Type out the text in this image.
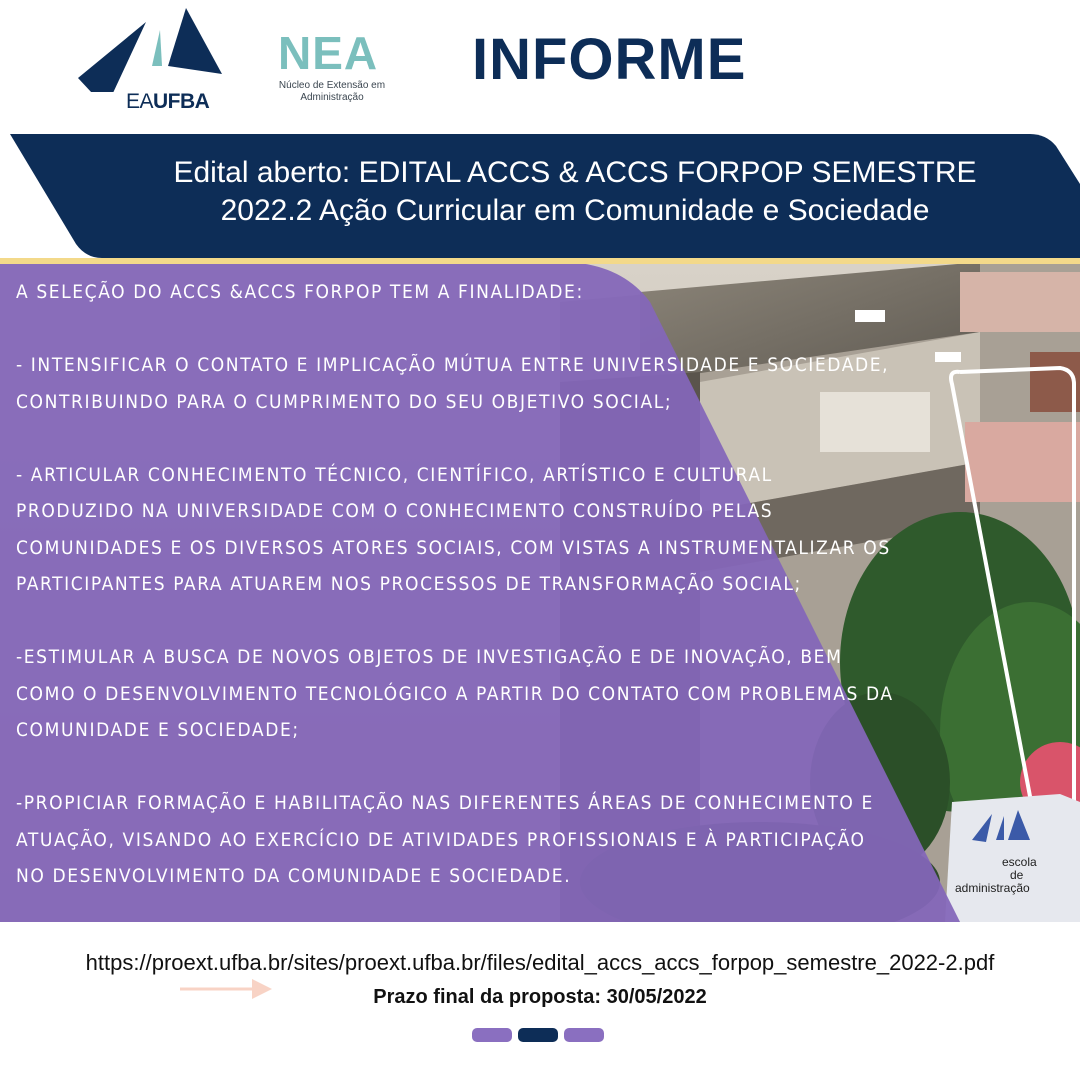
EAUFBA
NEA
Núcleo de Extensão em
Administração
INFORME
escola
de
administração
Edital aberto: EDITAL ACCS & ACCS FORPOP SEMESTRE
2022.2 Ação Curricular em Comunidade e Sociedade

A SELEÇÃO DO ACCS &ACCS FORPOP TEM A FINALIDADE:

- INTENSIFICAR O CONTATO E IMPLICAÇÃO MÚTUA ENTRE UNIVERSIDADE E SOCIEDADE, CONTRIBUINDO PARA O CUMPRIMENTO DO SEU OBJETIVO SOCIAL;

- ARTICULAR CONHECIMENTO TÉCNICO, CIENTÍFICO, ARTÍSTICO E CULTURAL PRODUZIDO NA UNIVERSIDADE COM O CONHECIMENTO CONSTRUÍDO PELAS COMUNIDADES E OS DIVERSOS ATORES SOCIAIS, COM VISTAS A INSTRUMENTALIZAR OS PARTICIPANTES PARA ATUAREM NOS PROCESSOS DE TRANSFORMAÇÃO SOCIAL;

-ESTIMULAR A BUSCA DE NOVOS OBJETOS DE INVESTIGAÇÃO E DE INOVAÇÃO, BEM COMO O DESENVOLVIMENTO TECNOLÓGICO A PARTIR DO CONTATO COM PROBLEMAS DA COMUNIDADE E SOCIEDADE;

-PROPICIAR FORMAÇÃO E HABILITAÇÃO NAS DIFERENTES ÁREAS DE CONHECIMENTO E ATUAÇÃO, VISANDO AO EXERCÍCIO DE ATIVIDADES PROFISSIONAIS E À PARTICIPAÇÃO NO DESENVOLVIMENTO DA COMUNIDADE E SOCIEDADE.

https://proext.ufba.br/sites/proext.ufba.br/files/edital_accs_accs_forpop_semestre_2022-2.pdf
Prazo final da proposta: 30/05/2022
